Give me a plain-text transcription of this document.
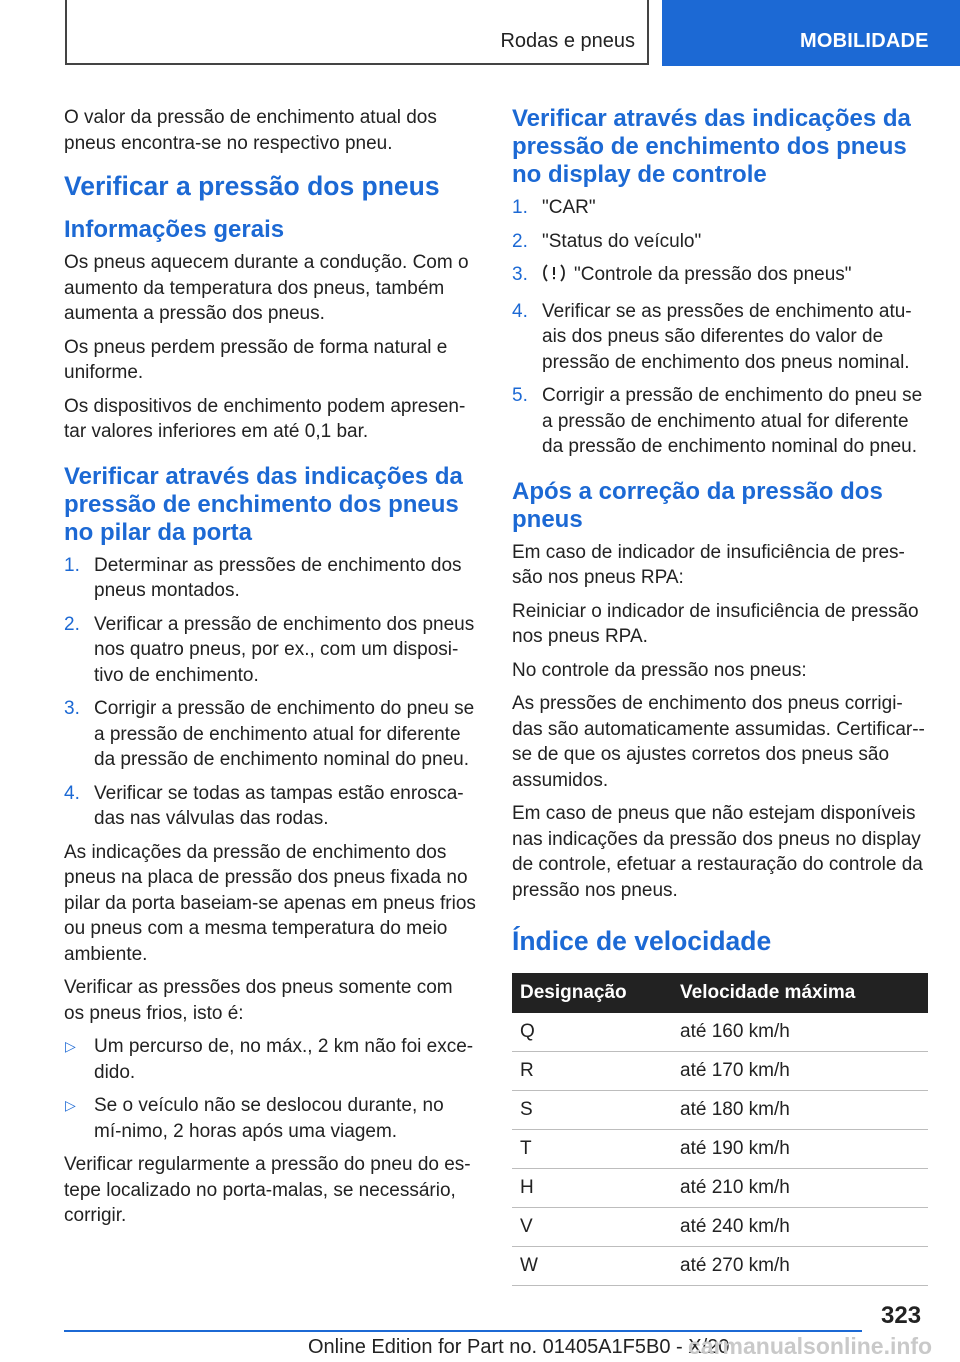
Rodas e pneus	MOBILIDADE

O valor da pressão de enchimento atual dos pneus encontra-se no respectivo pneu.

Verificar a pressão dos pneus
Informações gerais

Os pneus aquecem durante a condução. Com o aumento da temperatura dos pneus, também aumenta a pressão dos pneus.

Os pneus perdem pressão de forma natural e uniforme.

Os dispositivos de enchimento podem apresen-tar valores inferiores em até 0,1 bar.

Verificar através das indicações da pressão de enchimento dos pneus no pilar da porta
1. Determinar as pressões de enchimento dos pneus montados.
2. Verificar a pressão de enchimento dos pneus nos quatro pneus, por ex., com um disposi-tivo de enchimento.
3. Corrigir a pressão de enchimento do pneu se a pressão de enchimento atual for diferente da pressão de enchimento nominal do pneu.
4. Verificar se todas as tampas estão enrosca-das nas válvulas das rodas.

As indicações da pressão de enchimento dos pneus na placa de pressão dos pneus fixada no pilar da porta baseiam-se apenas em pneus frios ou pneus com a mesma temperatura do meio ambiente.

Verificar as pressões dos pneus somente com os pneus frios, isto é:

▷ Um percurso de, no máx., 2 km não foi exce-dido.
▷ Se o veículo não se deslocou durante, no mí-nimo, 2 horas após uma viagem.

Verificar regularmente a pressão do pneu do es-tepe localizado no porta-malas, se necessário, corrigir.

Verificar através das indicações da pressão de enchimento dos pneus no display de controle
1. "CAR"
2. "Status do veículo"
3. "Controle da pressão dos pneus"
4. Verificar se as pressões de enchimento atu-ais dos pneus são diferentes do valor de pressão de enchimento dos pneus nominal.
5. Corrigir a pressão de enchimento do pneu se a pressão de enchimento atual for diferente da pressão de enchimento nominal do pneu.
Após a correção da pressão dos pneus

Em caso de indicador de insuficiência de pres-são nos pneus RPA:

Reiniciar o indicador de insuficiência de pressão nos pneus RPA.

No controle da pressão nos pneus:

As pressões de enchimento dos pneus corrigi-das são automaticamente assumidas. Certificar--se de que os ajustes corretos dos pneus são assumidos.

Em caso de pneus que não estejam disponíveis nas indicações da pressão dos pneus no display de controle, efetuar a restauração do controle da pressão nos pneus.

Índice de velocidade
Designação	Velocidade máxima
Q	até 160 km/h
R	até 170 km/h
S	até 180 km/h
T	até 190 km/h
H	até 210 km/h
V	até 240 km/h
W	até 270 km/h
323
Online Edition for Part no. 01405A1F5B0 - X/20
carmanualsonline.info
